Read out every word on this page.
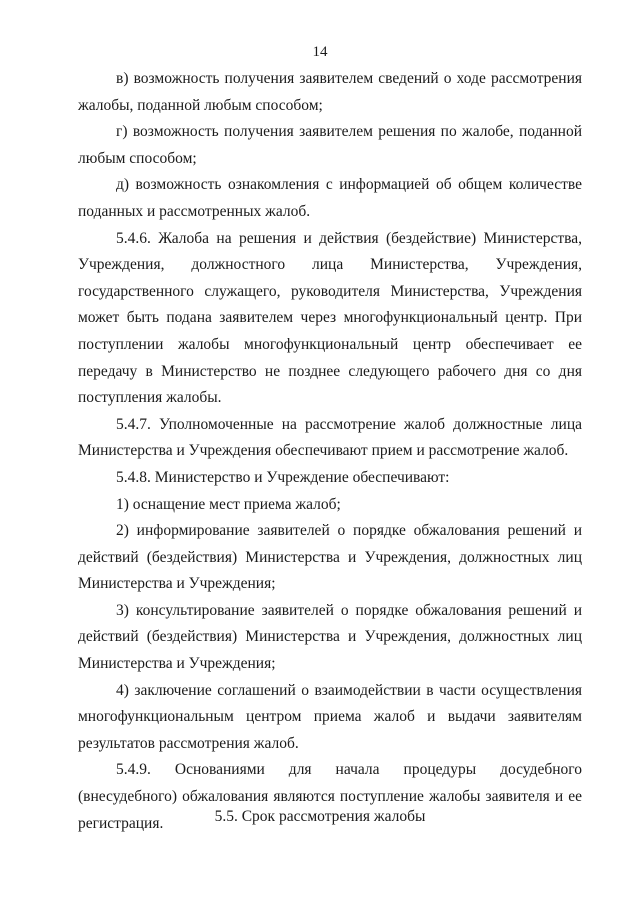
14

в) возможность получения заявителем сведений о ходе рассмотрения жалобы, поданной любым способом;

г) возможность получения заявителем решения по жалобе, поданной любым способом;

д) возможность ознакомления с информацией об общем количестве поданных и рассмотренных жалоб.

5.4.6. Жалоба на решения и действия (бездействие) Министерства, Учреждения, должностного лица Министерства, Учреждения, государственного служащего, руководителя Министерства, Учреждения может быть подана заявителем через многофункциональный центр. При поступлении жалобы многофункциональный центр обеспечивает ее передачу в Министерство не позднее следующего рабочего дня со дня поступления жалобы.

5.4.7. Уполномоченные на рассмотрение жалоб должностные лица Министерства и Учреждения обеспечивают прием и рассмотрение жалоб.

5.4.8. Министерство и Учреждение обеспечивают:

1) оснащение мест приема жалоб;

2) информирование заявителей о порядке обжалования решений и действий (бездействия) Министерства и Учреждения, должностных лиц Министерства и Учреждения;

3) консультирование заявителей о порядке обжалования решений и действий (бездействия) Министерства и Учреждения, должностных лиц Министерства и Учреждения;

4) заключение соглашений о взаимодействии в части осуществления многофункциональным центром приема жалоб и выдачи заявителям результатов рассмотрения жалоб.

5.4.9. Основаниями для начала процедуры досудебного (внесудебного) обжалования являются поступление жалобы заявителя и ее регистрация.	5.5. Срок рассмотрения жалобы
